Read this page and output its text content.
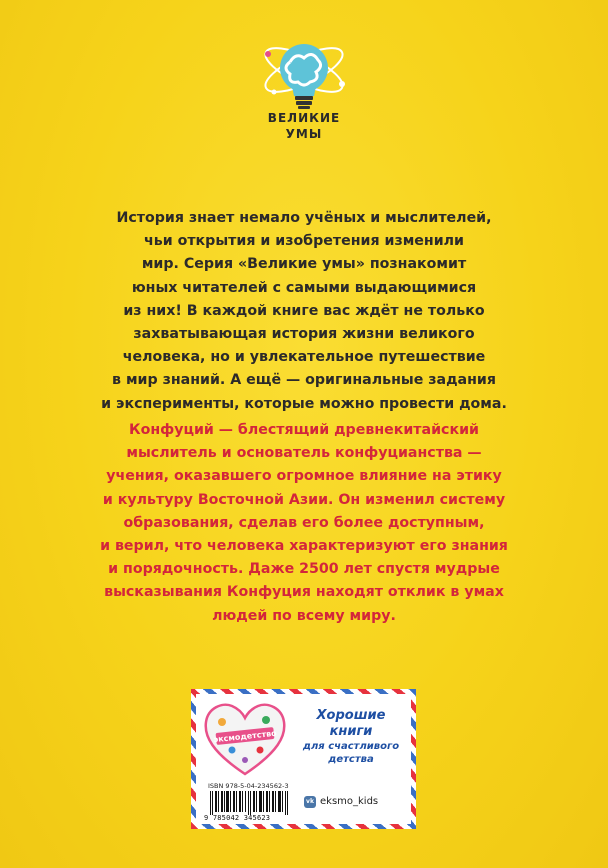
ВЕЛИКИЕ
УМЫ
История знает немало учёных и мыслителей,
чьи открытия и изобретения изменили
мир. Серия «Великие умы» познакомит
юных читателей с самыми выдающимися
из них! В каждой книге вас ждёт не только
захватывающая история жизни великого
человека, но и увлекательное путешествие
в мир знаний. А ещё — оригинальные задания
и эксперименты, которые можно провести дома.
Конфуций — блестящий древнекитайский
мыслитель и основатель конфуцианства —
учения, оказавшего огромное влияние на этику
и культуру Восточной Азии. Он изменил систему
образования, сделав его более доступным,
и верил, что человека характеризуют его знания
и порядочность. Даже 2500 лет спустя мудрые
высказывания Конфуция находят отклик в умах
людей по всему миру.
эксмодетство
Хорошие
книги
для счастливого
детства
ISBN 978-5-04-234562-3
9 785042 345623
vk eksmo_kids
